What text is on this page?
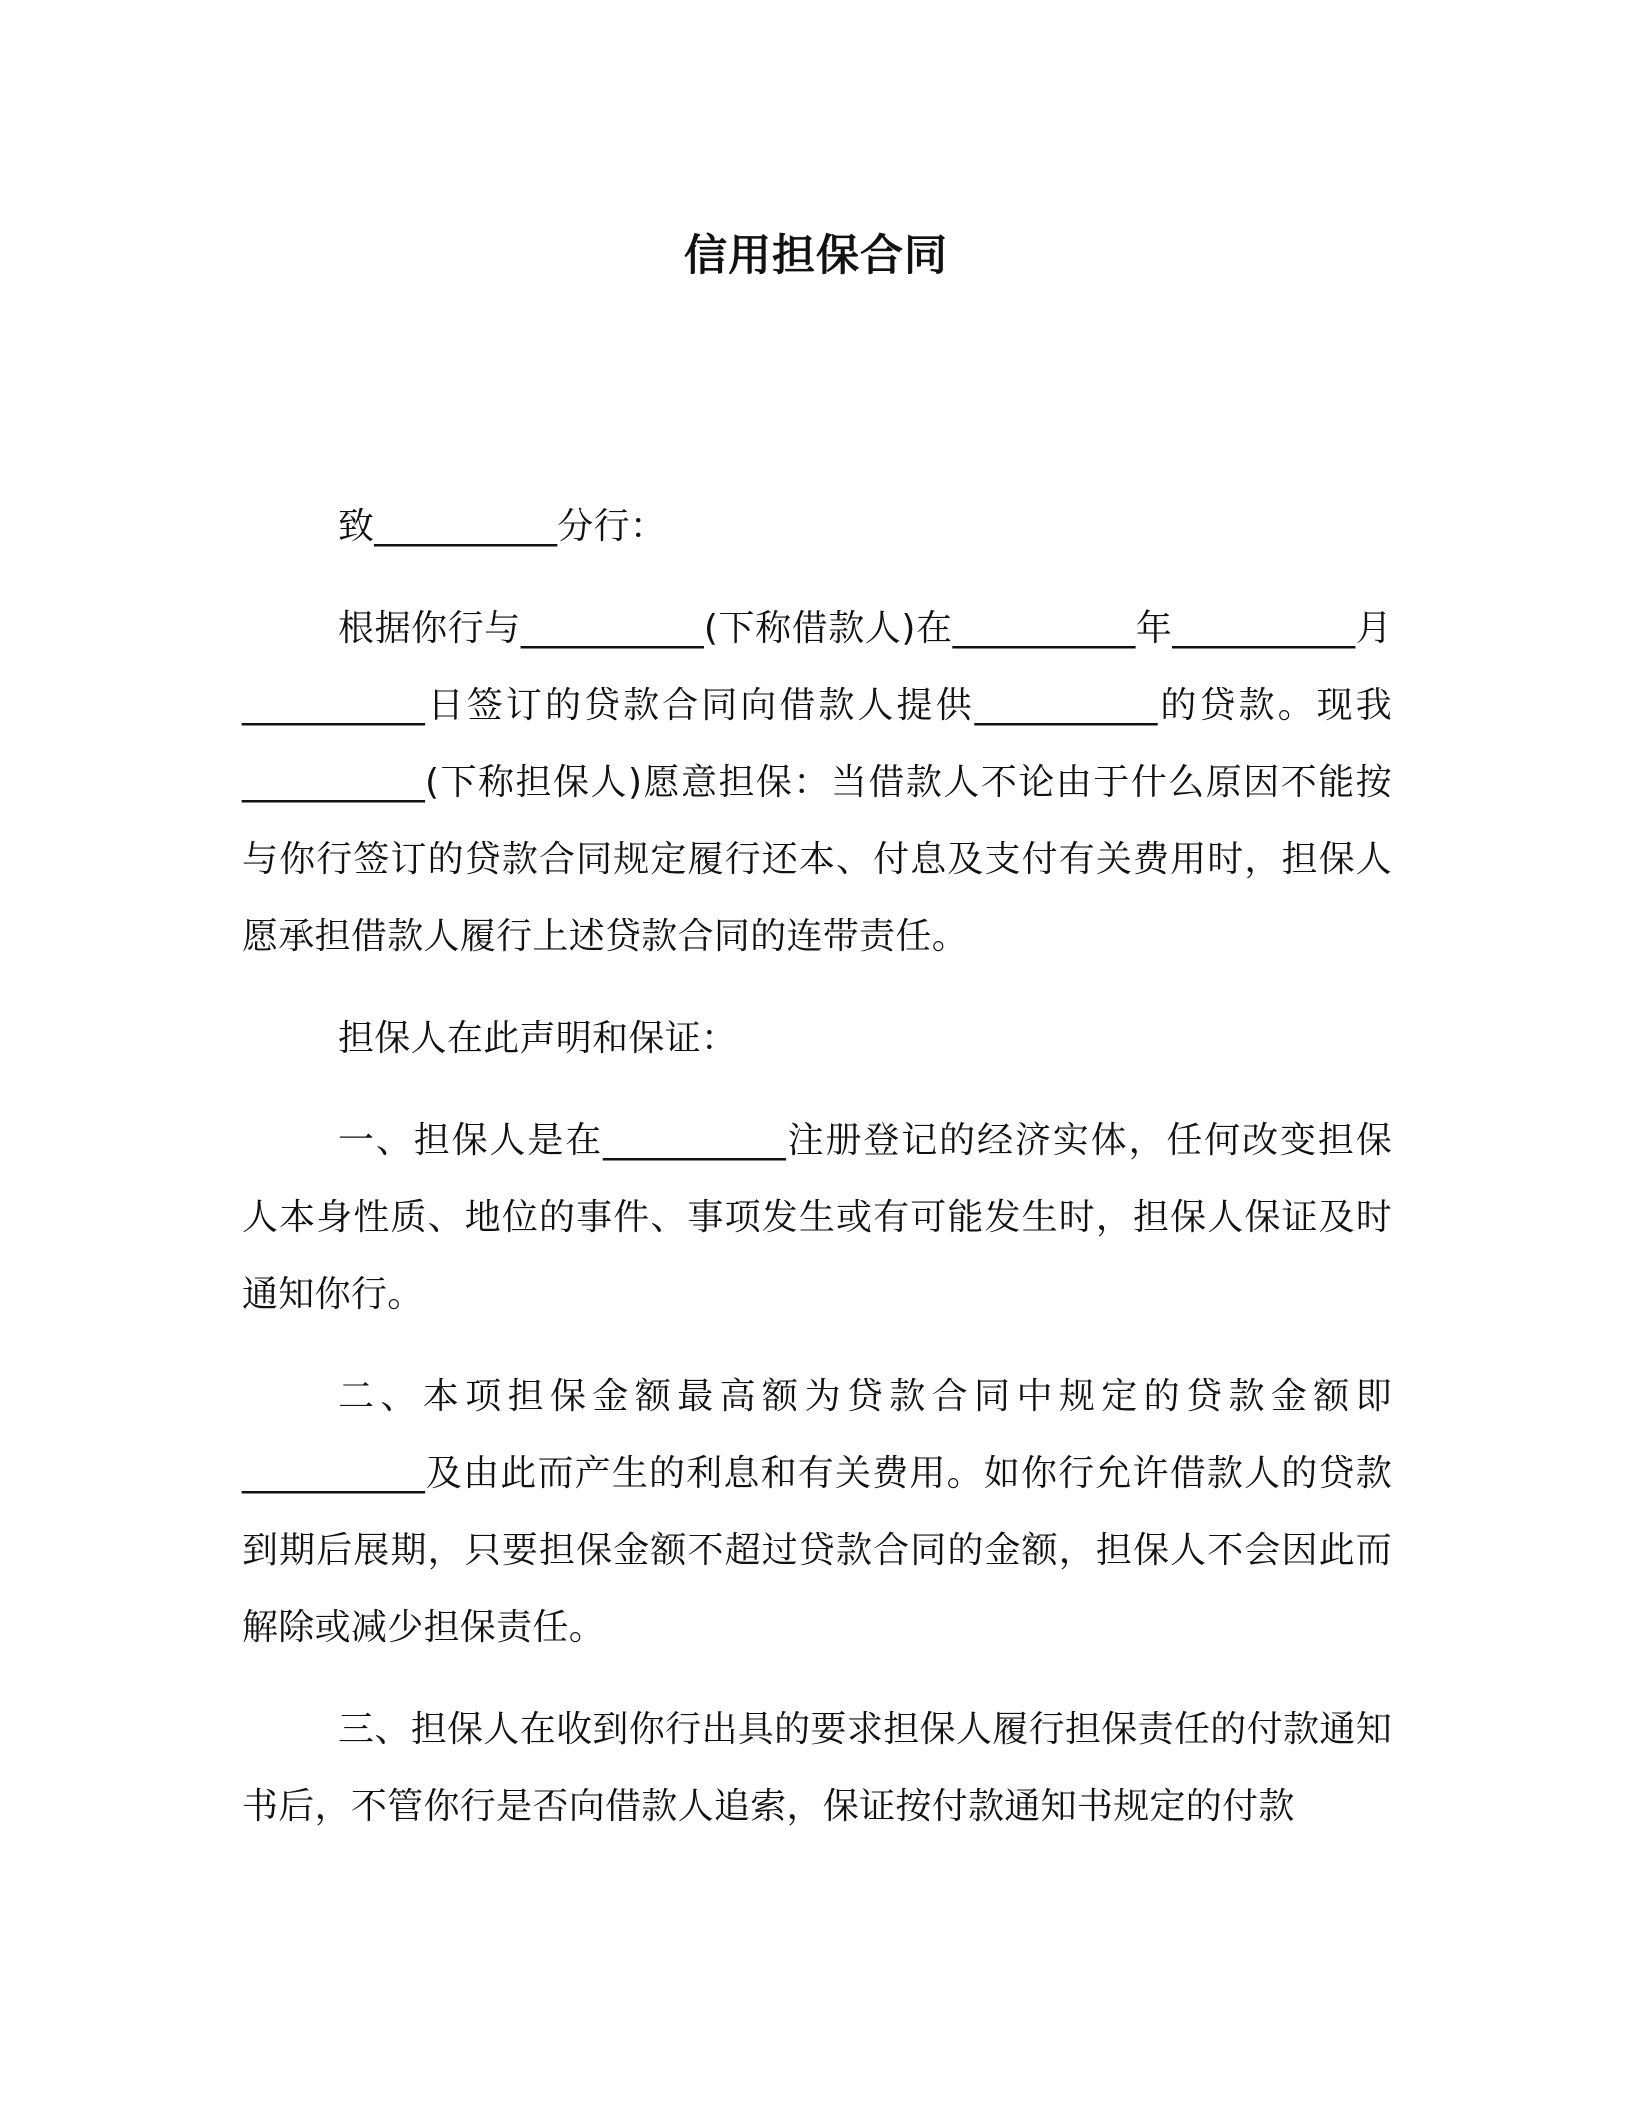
信用担保合同

致__________分行：

根据你行与__________(下称借款人)在__________年__________月__________日签订的贷款合同向借款人提供__________的贷款。现我__________(下称担保人)愿意担保：当借款人不论由于什么原因不能按与你行签订的贷款合同规定履行还本、付息及支付有关费用时，担保人愿承担借款人履行上述贷款合同的连带责任。

担保人在此声明和保证：

一、担保人是在__________注册登记的经济实体，任何改变担保人本身性质、地位的事件、事项发生或有可能发生时，担保人保证及时通知你行。

二、本项担保金额最高额为贷款合同中规定的贷款金额即__________及由此而产生的利息和有关费用。如你行允许借款人的贷款到期后展期，只要担保金额不超过贷款合同的金额，担保人不会因此而解除或减少担保责任。

三、担保人在收到你行出具的要求担保人履行担保责任的付款通知书后，不管你行是否向借款人追索，保证按付款通知书规定的付款
